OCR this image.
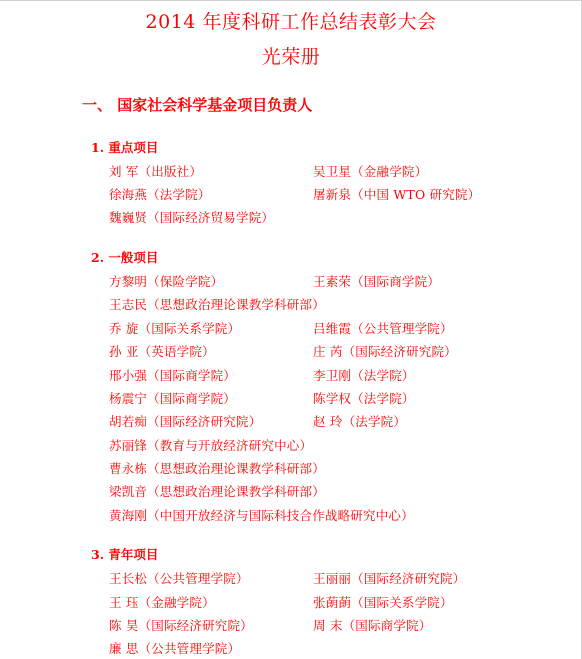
2014 年度科研工作总结表彰大会
光荣册
一、 国家社会科学基金项目负责人
1. 重点项目
刘 军（出版社）	吴卫星（金融学院）
徐海燕（法学院）	屠新泉（中国 WTO 研究院）
魏巍贤（国际经济贸易学院）
2. 一般项目
方黎明（保险学院）	王素荣（国际商学院）
王志民（思想政治理论课教学科研部）
乔 旋（国际关系学院）	吕维霞（公共管理学院）
孙 亚（英语学院）	庄 芮（国际经济研究院）
邢小强（国际商学院）	李卫刚（法学院）
杨震宁（国际商学院）	陈学权（法学院）
胡若痴（国际经济研究院）	赵 玲（法学院）
苏丽锋（教育与开放经济研究中心）
曹永栋（思想政治理论课教学科研部）
梁凯音（思想政治理论课教学科研部）
黄海刚（中国开放经济与国际科技合作战略研究中心）
3. 青年项目
王长松（公共管理学院）	王丽丽（国际经济研究院）
王 珏（金融学院）	张蓢蓢（国际关系学院）
陈 昊（国际经济研究院）	周 末（国际商学院）
廉 思（公共管理学院）
